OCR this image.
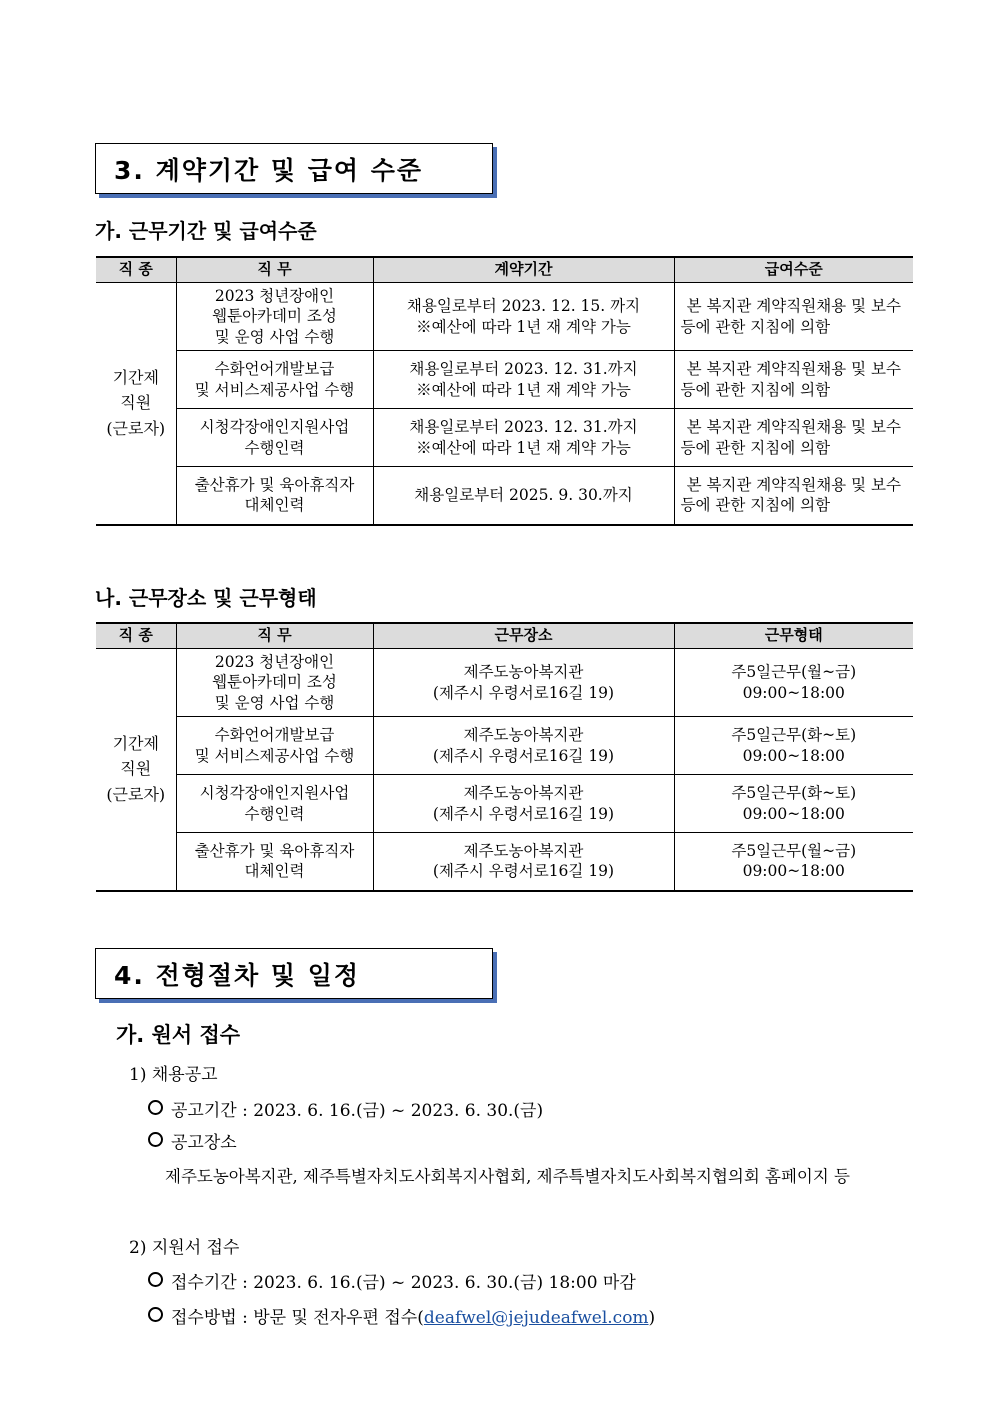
3. 계약기간 및 급여 수준
가. 근무기간 및 급여수준
직 종	직 무	계약기간	급여수준

기간제
직원
(근로자)	2023 청년장애인
웹툰아카데미 조성
및 운영 사업 수행	채용일로부터 2023. 12. 15. 까지
※예산에 따라 1년 재 계약 가능	본 복지관 계약직원채용 및 보수등에 관한 지침에 의함

	수화언어개발보급
및 서비스제공사업 수행	채용일로부터 2023. 12. 31.까지
※예산에 따라 1년 재 계약 가능	본 복지관 계약직원채용 및 보수등에 관한 지침에 의함

	시청각장애인지원사업
수행인력	채용일로부터 2023. 12. 31.까지
※예산에 따라 1년 재 계약 가능	본 복지관 계약직원채용 및 보수등에 관한 지침에 의함

	출산휴가 및 육아휴직자
대체인력	채용일로부터 2025. 9. 30.까지	본 복지관 계약직원채용 및 보수등에 관한 지침에 의함
나. 근무장소 및 근무형태
직 종	직 무	근무장소	근무형태

기간제
직원
(근로자)	2023 청년장애인
웹툰아카데미 조성
및 운영 사업 수행	제주도농아복지관
(제주시 우령서로16길 19)	주5일근무(월~금)
09:00~18:00

	수화언어개발보급
및 서비스제공사업 수행	제주도농아복지관
(제주시 우령서로16길 19)	주5일근무(화~토)
09:00~18:00

	시청각장애인지원사업
수행인력	제주도농아복지관
(제주시 우령서로16길 19)	주5일근무(화~토)
09:00~18:00

	출산휴가 및 육아휴직자
대체인력	제주도농아복지관
(제주시 우령서로16길 19)	주5일근무(월~금)
09:00~18:00
4. 전형절차 및 일정
가. 원서 접수
1) 채용공고
공고기간 : 2023. 6. 16.(금) ~ 2023. 6. 30.(금)
공고장소
제주도농아복지관, 제주특별자치도사회복지사협회, 제주특별자치도사회복지협의회 홈페이지 등
2) 지원서 접수
접수기간 : 2023. 6. 16.(금) ~ 2023. 6. 30.(금) 18:00 마감
접수방법 : 방문 및 전자우편 접수(deafwel@jejudeafwel.com)
